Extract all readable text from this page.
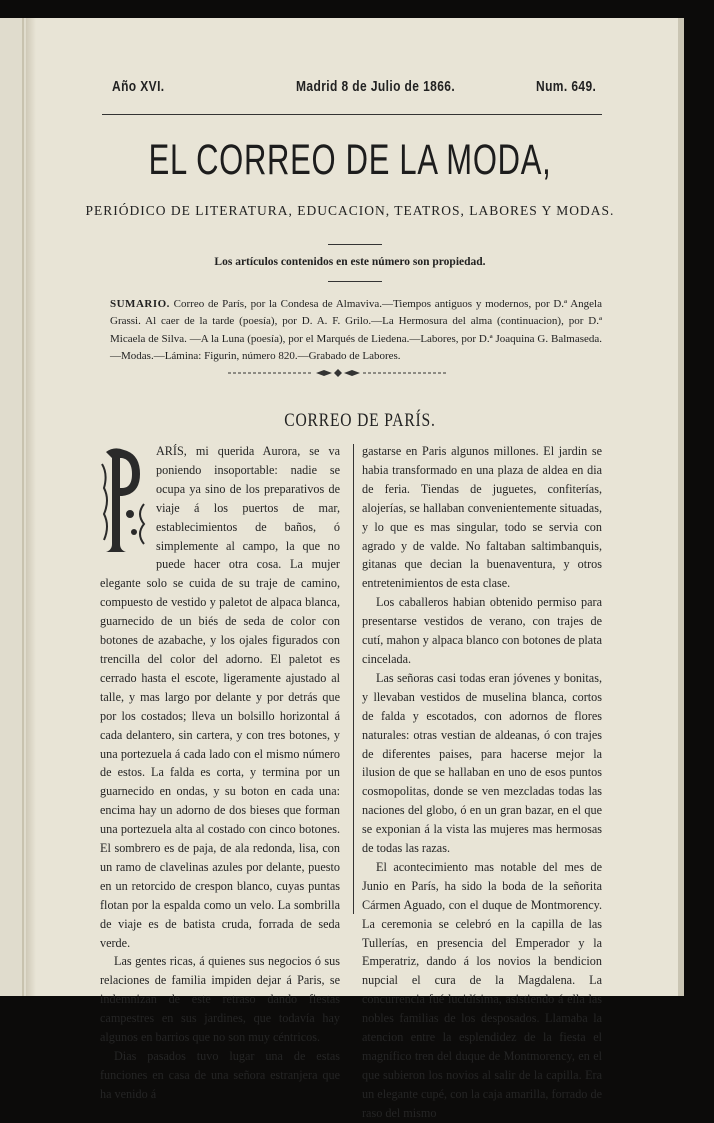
Año XVI.	Madrid 8 de Julio de 1866.	Num. 649.
EL CORREO DE LA MODA,
PERIÓDICO DE LITERATURA, EDUCACION, TEATROS, LABORES Y MODAS.
Los artículos contenidos en este número son propiedad.
SUMARIO. Correo de París, por la Condesa de Almaviva.—Tiempos antiguos y modernos, por D.ª Angela Grassi. Al caer de la tarde (poesía), por D. A. F. Grilo.—La Hermosura del alma (continuacion), por D.ª Micaela de Silva. —A la Luna (poesía), por el Marqués de Liedena.—Labores, por D.ª Joaquina G. Balmaseda.—Modas.—Lámina: Figurin, número 820.—Grabado de Labores.
CORREO DE PARÍS.

ARÍS, mi querida Aurora, se va poniendo insoportable: nadie se ocupa ya sino de los preparativos de viaje á los puertos de mar, establecimientos de baños, ó simplemente al campo, la que no puede hacer otra cosa. La mujer elegante solo se cuida de su traje de camino, compuesto de vestido y paletot de alpaca blanca, guarnecido de un biés de seda de color con botones de azabache, y los ojales figurados con trencilla del color del adorno. El paletot es cerrado hasta el escote, ligeramente ajustado al talle, y mas largo por delante y por detrás que por los costados; lleva un bolsillo horizontal á cada delantero, sin cartera, y con tres botones, y una portezuela á cada lado con el mismo número de estos. La falda es corta, y termina por un guarnecido en ondas, y su boton en cada una: encima hay un adorno de dos bieses que forman una portezuela alta al costado con cinco botones. El sombrero es de paja, de ala redonda, lisa, con un ramo de clavelinas azules por delante, puesto en un retorcido de crespon blanco, cuyas puntas flotan por la espalda como un velo. La sombrilla de viaje es de batista cruda, forrada de seda verde.

Las gentes ricas, á quienes sus negocios ó sus relaciones de familia impiden dejar á Paris, se indemnizan de este retraso dando fiestas campestres en sus jardines, que todavía hay algunos en barrios que no son muy céntricos.

Dias pasados tuvo lugar una de estas funciones en casa de una señora estranjera que ha venido á

gastarse en Paris algunos millones. El jardin se habia transformado en una plaza de aldea en dia de feria. Tiendas de juguetes, confiterías, alojerías, se hallaban convenientemente situadas, y lo que es mas singular, todo se servia con agrado y de valde. No faltaban saltimbanquis, gitanas que decian la buenaventura, y otros entretenimientos de esta clase.

Los caballeros habian obtenido permiso para presentarse vestidos de verano, con trajes de cutí, mahon y alpaca blanco con botones de plata cincelada.

Las señoras casi todas eran jóvenes y bonitas, y llevaban vestidos de muselina blanca, cortos de falda y escotados, con adornos de flores naturales: otras vestian de aldeanas, ó con trajes de diferentes paises, para hacerse mejor la ilusion de que se hallaban en uno de esos puntos cosmopolitas, donde se ven mezcladas todas las naciones del globo, ó en un gran bazar, en el que se exponian á la vista las mujeres mas hermosas de todas las razas.

El acontecimiento mas notable del mes de Junio en París, ha sido la boda de la señorita Cármen Aguado, con el duque de Montmorency. La ceremonia se celebró en la capilla de las Tullerías, en presencia del Emperador y la Emperatriz, dando á los novios la bendicion nupcial el cura de la Magdalena. La concurrencia fué lucidísima, asistiendo á ella las nobles familias de los desposados. Llamaba la atencion entre la esplendidez de la fiesta el magnífico tren del duque de Montmorency, en el que subieron los novios al salir de la capilla. Era un elegante cupé, con la caja amarilla, forrado de raso del mismo
